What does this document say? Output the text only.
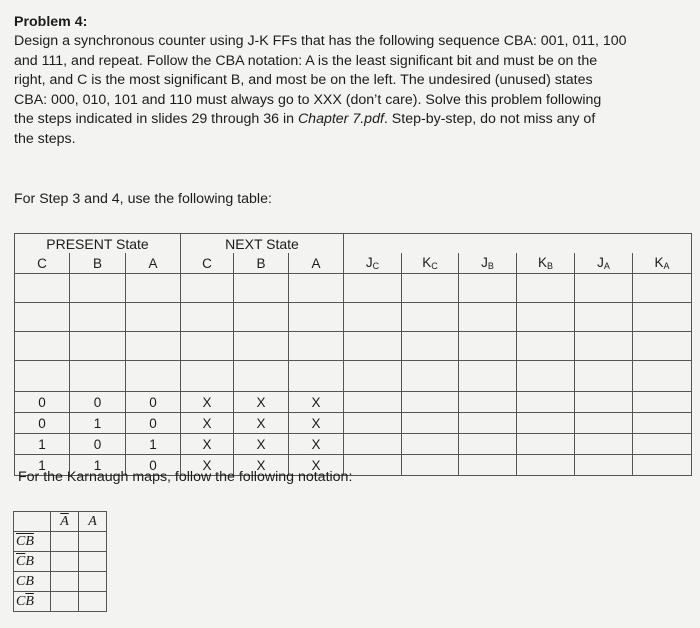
Problem 4:
Design a synchronous counter using J-K FFs that has the following sequence CBA: 001, 011, 100
and 111, and repeat. Follow the CBA notation: A is the least significant bit and must be on the
right, and C is the most significant B, and most be on the left. The undesired (unused) states
CBA: 000, 010, 101 and 110 must always go to XXX (don’t care). Solve this problem following
the steps indicated in slides 29 through 36 in Chapter 7.pdf. Step-by-step, do not miss any of
the steps.
For Step 3 and 4, use the following table:
PRESENT State			NEXT State								
C	B	A	C	B	A	$J_C$	$K_C$	$J_B$	$K_B$	$J_A$	$K_A$

0	0	0	X	X	X						
0	1	0	X	X	X						
1	0	1	X	X	X						
1	1	0	X	X	X						
For the Karnaugh maps, follow the following notation:
	$\overline{A}$	A
$\overline{C}\overline{B}$		
$\overline{C}B$		
CB		
$C\overline{B}$		
